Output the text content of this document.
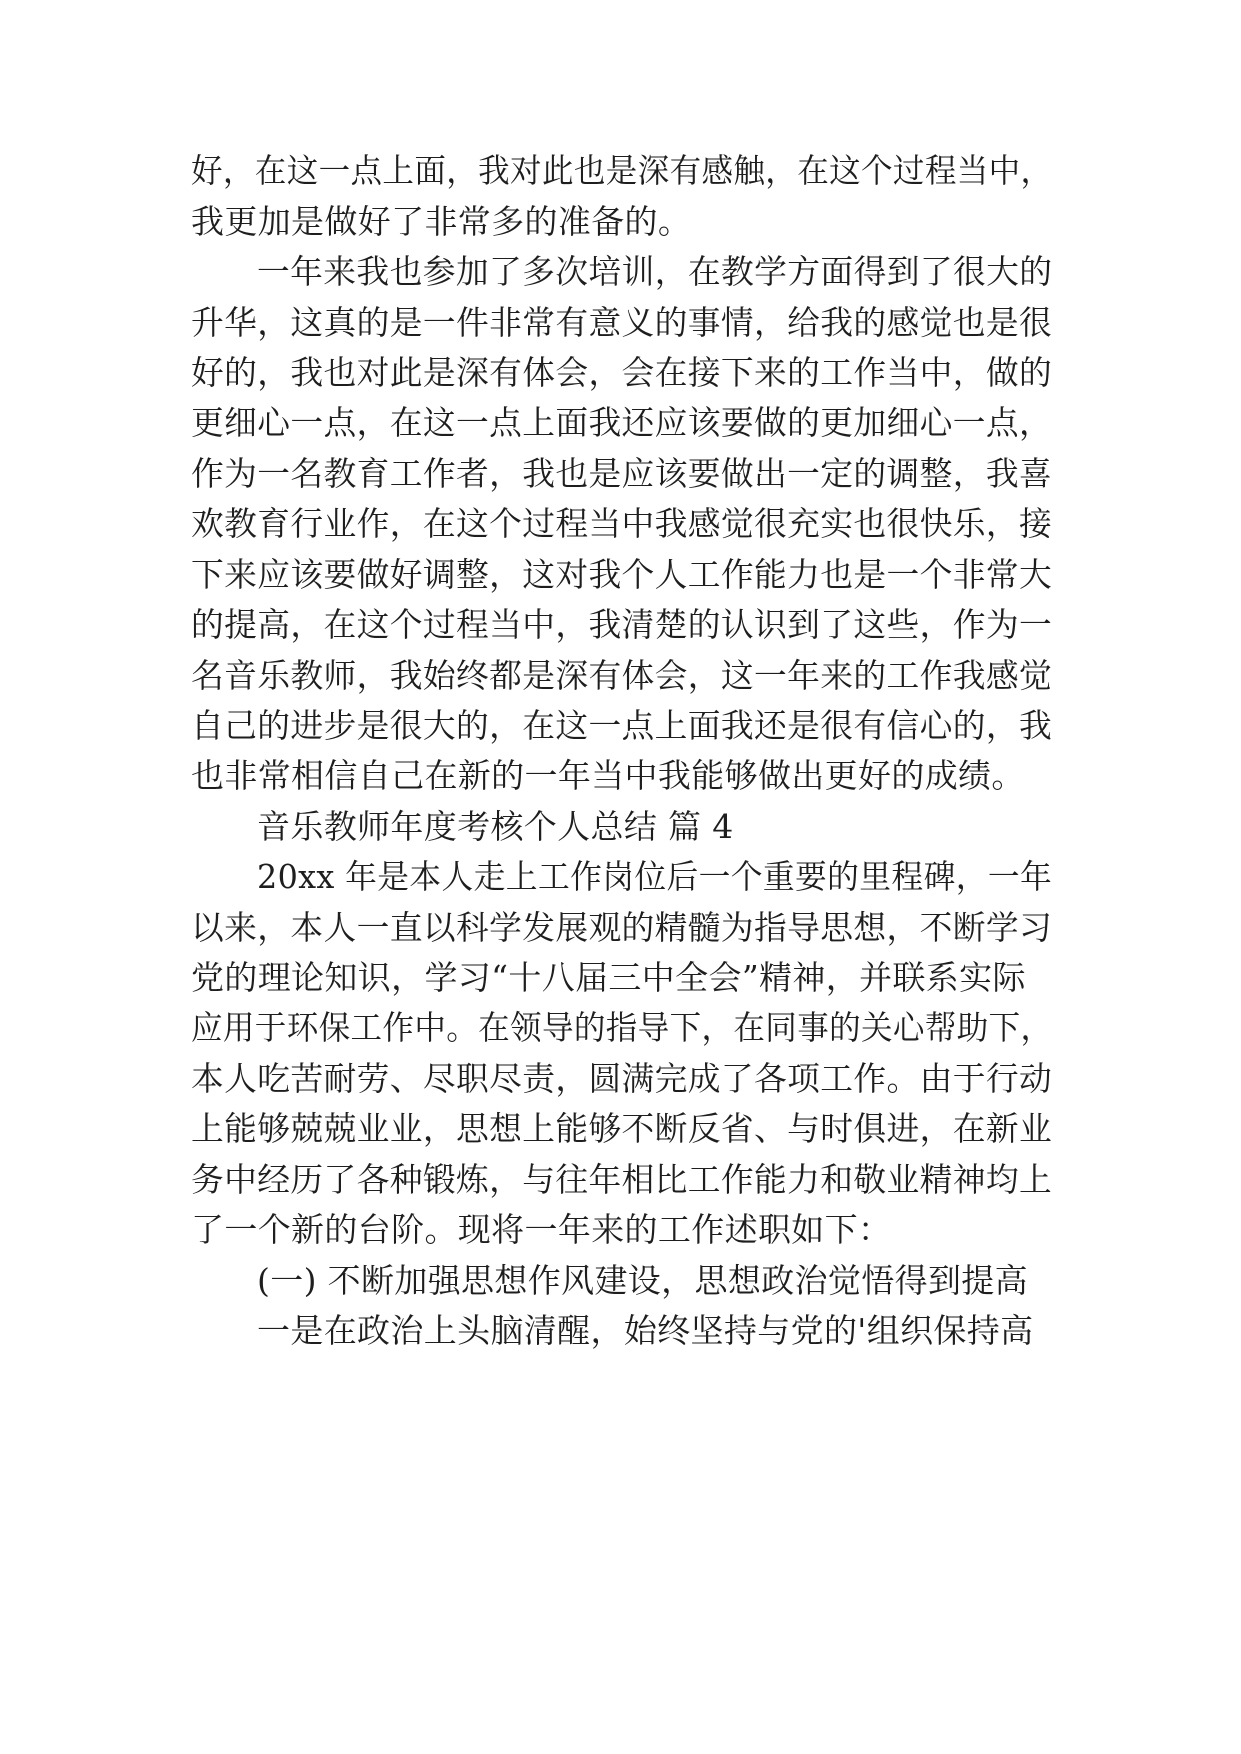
好，在这一点上面，我对此也是深有感触，在这个过程当中，
我更加是做好了非常多的准备的。
一年来我也参加了多次培训，在教学方面得到了很大的
升华，这真的是一件非常有意义的事情，给我的感觉也是很
好的，我也对此是深有体会，会在接下来的工作当中，做的
更细心一点，在这一点上面我还应该要做的更加细心一点，
作为一名教育工作者，我也是应该要做出一定的调整，我喜
欢教育行业作，在这个过程当中我感觉很充实也很快乐，接
下来应该要做好调整，这对我个人工作能力也是一个非常大
的提高，在这个过程当中，我清楚的认识到了这些，作为一
名音乐教师，我始终都是深有体会，这一年来的工作我感觉
自己的进步是很大的，在这一点上面我还是很有信心的，我
也非常相信自己在新的一年当中我能够做出更好的成绩。
音乐教师年度考核个人总结 篇 4
20xx 年是本人走上工作岗位后一个重要的里程碑，一年
以来，本人一直以科学发展观的精髓为指导思想，不断学习
党的理论知识，学习“十八届三中全会”精神，并联系实际
应用于环保工作中。在领导的指导下，在同事的关心帮助下，
本人吃苦耐劳、尽职尽责，圆满完成了各项工作。由于行动
上能够兢兢业业，思想上能够不断反省、与时俱进，在新业
务中经历了各种锻炼，与往年相比工作能力和敬业精神均上
了一个新的台阶。现将一年来的工作述职如下：
(一) 不断加强思想作风建设，思想政治觉悟得到提高
一是在政治上头脑清醒，始终坚持与党的'组织保持高
